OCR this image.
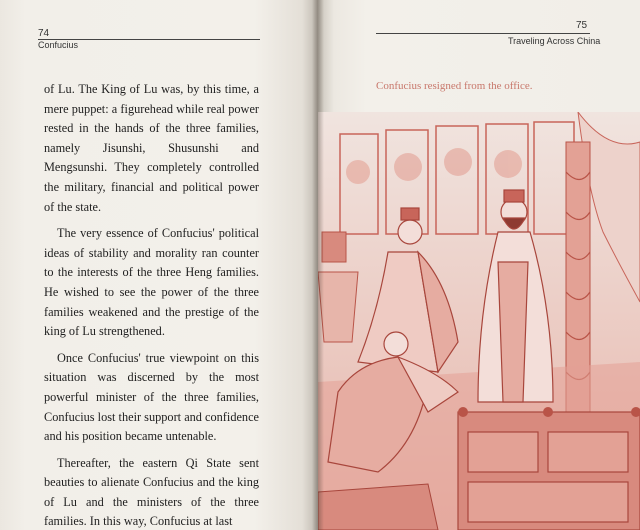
74
Confucius

of Lu. The King of Lu was, by this time, a mere puppet: a figurehead while real power rested in the hands of the three families, namely Jisunshi, Shusunshi and Mengsunshi. They completely controlled the military, financial and political power of the state.

The very essence of Confucius' political ideas of stability and morality ran counter to the interests of the three Heng families. He wished to see the power of the three families weakened and the prestige of the king of Lu strengthened.

Once Confucius' true viewpoint on this situation was discerned by the most powerful minister of the three families, Confucius lost their support and confidence and his position became untenable.

Thereafter, the eastern Qi State sent beauties to alienate Confucius and the king of Lu and the ministers of the three families. In this way, Confucius at last

75
Traveling Across China
Confucius resigned from the office.
